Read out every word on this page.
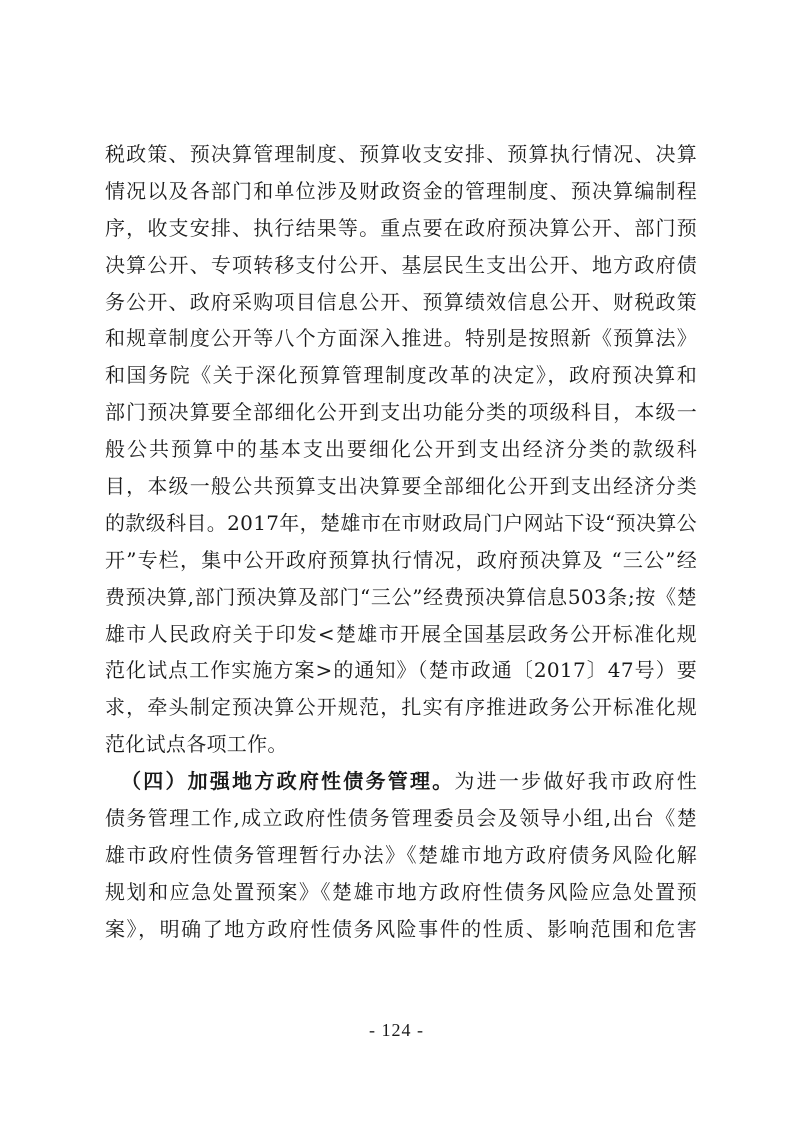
税政策、预决算管理制度、预算收支安排、预算执行情况、决算
情况以及各部门和单位涉及财政资金的管理制度、预决算编制程
序，收支安排、执行结果等。重点要在政府预决算公开、部门预
决算公开、专项转移支付公开、基层民生支出公开、地方政府债
务公开、政府采购项目信息公开、预算绩效信息公开、财税政策
和规章制度公开等八个方面深入推进。特别是按照新《预算法》
和国务院《关于深化预算管理制度改革的决定》，政府预决算和
部门预决算要全部细化公开到支出功能分类的项级科目，本级一
般公共预算中的基本支出要细化公开到支出经济分类的款级科
目，本级一般公共预算支出决算要全部细化公开到支出经济分类
的款级科目。2017年，楚雄市在市财政局门户网站下设“预决算公
开”专栏，集中公开政府预算执行情况，政府预决算及 “三公”经
费预决算,部门预决算及部门“三公”经费预决算信息503条;按《楚
雄市人民政府关于印发<楚雄市开展全国基层政务公开标准化规
范化试点工作实施方案>的通知》（楚市政通〔2017〕47号）要
求，牵头制定预决算公开规范，扎实有序推进政务公开标准化规
范化试点各项工作。
（四）加强地方政府性债务管理。为进一步做好我市政府性
债务管理工作,成立政府性债务管理委员会及领导小组,出台《楚
雄市政府性债务管理暂行办法》《楚雄市地方政府债务风险化解
规划和应急处置预案》《楚雄市地方政府性债务风险应急处置预
案》，明确了地方政府性债务风险事件的性质、影响范围和危害
- 124 -
